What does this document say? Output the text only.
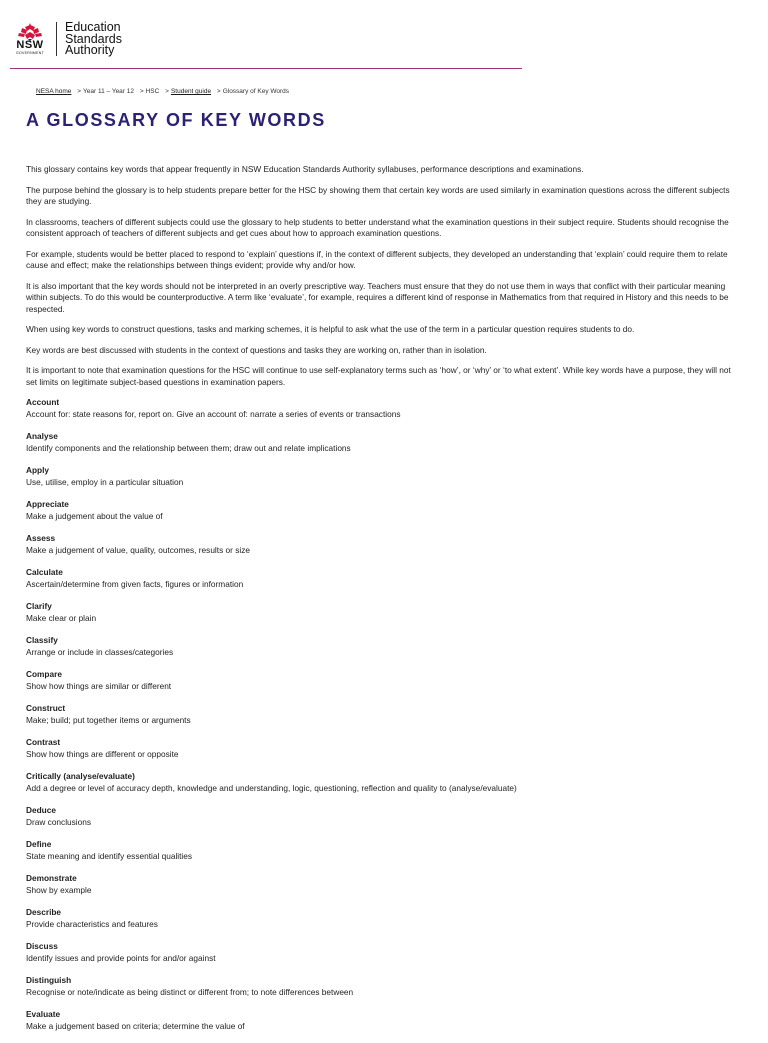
NSW
GOVERNMENT
Education
Standards
Authority
NESA home > Year 11 – Year 12 > HSC > Student guide > Glossary of Key Words
A GLOSSARY OF KEY WORDS

This glossary contains key words that appear frequently in NSW Education Standards Authority syllabuses, performance descriptions and examinations.

The purpose behind the glossary is to help students prepare better for the HSC by showing them that certain key words are used similarly in examination questions across the different subjects they are studying.

In classrooms, teachers of different subjects could use the glossary to help students to better understand what the examination questions in their subject require. Students should recognise the consistent approach of teachers of different subjects and get cues about how to approach examination questions.

For example, students would be better placed to respond to ‘explain’ questions if, in the context of different subjects, they developed an understanding that ‘explain’ could require them to relate cause and effect; make the relationships between things evident; provide why and/or how.

It is also important that the key words should not be interpreted in an overly prescriptive way. Teachers must ensure that they do not use them in ways that conflict with their particular meaning within subjects. To do this would be counterproductive. A term like ‘evaluate’, for example, requires a different kind of response in Mathematics from that required in History and this needs to be respected.

When using key words to construct questions, tasks and marking schemes, it is helpful to ask what the use of the term in a particular question requires students to do.

Key words are best discussed with students in the context of questions and tasks they are working on, rather than in isolation.

It is important to note that examination questions for the HSC will continue to use self-explanatory terms such as ‘how’, or ‘why’ or ‘to what extent’. While key words have a purpose, they will not set limits on legitimate subject-based questions in examination papers.

Account
Account for: state reasons for, report on. Give an account of: narrate a series of events or transactions
Analyse
Identify components and the relationship between them; draw out and relate implications
Apply
Use, utilise, employ in a particular situation
Appreciate
Make a judgement about the value of
Assess
Make a judgement of value, quality, outcomes, results or size
Calculate
Ascertain/determine from given facts, figures or information
Clarify
Make clear or plain
Classify
Arrange or include in classes/categories
Compare
Show how things are similar or different
Construct
Make; build; put together items or arguments
Contrast
Show how things are different or opposite
Critically (analyse/evaluate)
Add a degree or level of accuracy depth, knowledge and understanding, logic, questioning, reflection and quality to (analyse/evaluate)
Deduce
Draw conclusions
Define
State meaning and identify essential qualities
Demonstrate
Show by example
Describe
Provide characteristics and features
Discuss
Identify issues and provide points for and/or against
Distinguish
Recognise or note/indicate as being distinct or different from; to note differences between
Evaluate
Make a judgement based on criteria; determine the value of
